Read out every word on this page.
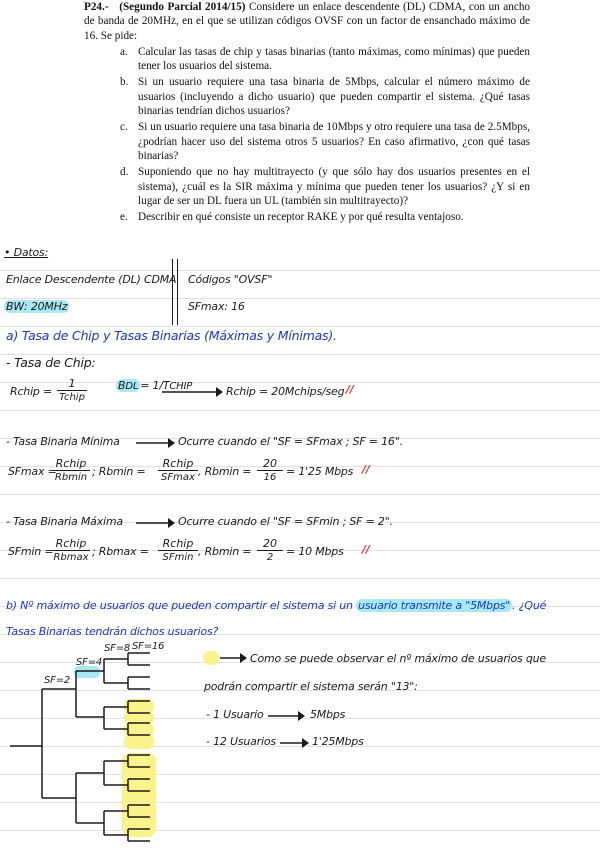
P24.- (Segundo Parcial 2014/15) Considere un enlace descendente (DL) CDMA, con un ancho de banda de 20MHz, en el que se utilizan códigos OVSF con un factor de ensanchado máximo de 16. Se pide:
a. Calcular las tasas de chip y tasas binarias (tanto máximas, como mínimas) que pueden tener los usuarios del sistema.
b. Si un usuario requiere una tasa binaria de 5Mbps, calcular el número máximo de usuarios (incluyendo a dicho usuario) que pueden compartir el sistema. ¿Qué tasas binarias tendrían dichos usuarios?
c. Si un usuario requiere una tasa binaria de 10Mbps y otro requiere una tasa de 2.5Mbps, ¿podrían hacer uso del sistema otros 5 usuarios? En caso afirmativo, ¿con qué tasas binarias?
d. Suponiendo que no hay multitrayecto (y que sólo hay dos usuarios presentes en el sistema), ¿cuál es la SIR máxima y mínima que pueden tener los usuarios? ¿Y si en lugar de ser un DL fuera un UL (también sin multitrayecto)?
e. Describir en qué consiste un receptor RAKE y por qué resulta ventajoso.
• Datos:
Enlace Descendente (DL) CDMA Códigos "OVSF"
BW: 20MHz	SFmax: 16
a) Tasa de Chip y Tasas Binarias (Máximas y Mínimas).
- Tasa de Chip:
Rchip =
1
Tchip
BDL = 1/TCHIP	Rchip = 20Mchips/seg //
- Tasa Binaria Mínima	Ocurre cuando el "SF = SFmax ; SF = 16".
SFmax =
Rchip
Rbmin ; Rbmin =
Rchip
SFmax , $Rbmin = \frac{20}{16} = 1'25$ Mbps //
- Tasa Binaria Máxima	Ocurre cuando el "SF = SFmin ; SF = 2".
SFmin =
Rchip
Rbmax ; Rbmax =
Rchip
SFmin , $Rbmin = \frac{20}{2} = 10$ Mbps //
b) Nº máximo de usuarios que pueden compartir el sistema si un usuario transmite a "5Mbps" . ¿Qué
Tasas Binarias tendrán dichos usuarios?
SF=2
SF=4
SF=8 SF=16
Como se puede observar el nº máximo de usuarios que
podrán compartir el sistema serán "13":
- 1 Usuario	5Mbps
- 12 Usuarios	1'25Mbps
